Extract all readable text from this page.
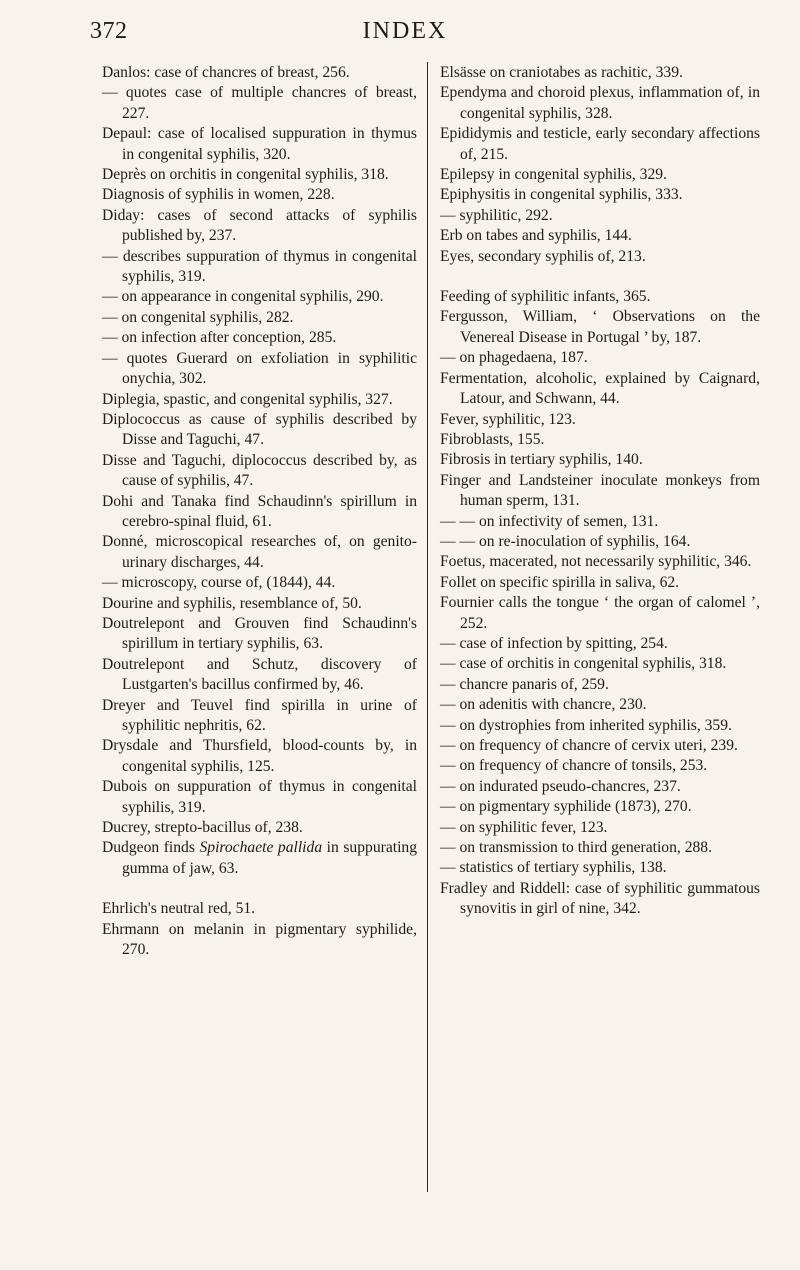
372	INDEX

Danlos: case of chancres of breast, 256.

— quotes case of multiple chancres of breast, 227.

Depaul: case of localised suppuration in thymus in congenital syphilis, 320.

Deprès on orchitis in congenital syphilis, 318.

Diagnosis of syphilis in women, 228.

Diday: cases of second attacks of syphilis published by, 237.

— describes suppuration of thymus in congenital syphilis, 319.

— on appearance in congenital syphilis, 290.

— on congenital syphilis, 282.

— on infection after conception, 285.

— quotes Guerard on exfoliation in syphilitic onychia, 302.

Diplegia, spastic, and congenital syphilis, 327.

Diplococcus as cause of syphilis described by Disse and Taguchi, 47.

Disse and Taguchi, diplococcus described by, as cause of syphilis, 47.

Dohi and Tanaka find Schaudinn's spirillum in cerebro-spinal fluid, 61.

Donné, microscopical researches of, on genito-urinary discharges, 44.

— microscopy, course of, (1844), 44.

Dourine and syphilis, resemblance of, 50.

Doutrelepont and Grouven find Schaudinn's spirillum in tertiary syphilis, 63.

Doutrelepont and Schutz, discovery of Lustgarten's bacillus confirmed by, 46.

Dreyer and Teuvel find spirilla in urine of syphilitic nephritis, 62.

Drysdale and Thursfield, blood-counts by, in congenital syphilis, 125.

Dubois on suppuration of thymus in congenital syphilis, 319.

Ducrey, strepto-bacillus of, 238.

Dudgeon finds Spirochaete pallida in suppurating gumma of jaw, 63.

Ehrlich's neutral red, 51.

Ehrmann on melanin in pigmentary syphilide, 270.

Elsässe on craniotabes as rachitic, 339.

Ependyma and choroid plexus, inflammation of, in congenital syphilis, 328.

Epididymis and testicle, early secondary affections of, 215.

Epilepsy in congenital syphilis, 329.

Epiphysitis in congenital syphilis, 333.

— syphilitic, 292.

Erb on tabes and syphilis, 144.

Eyes, secondary syphilis of, 213.

Feeding of syphilitic infants, 365.

Fergusson, William, ‘ Observations on the Venereal Disease in Portugal ’ by, 187.

— on phagedaena, 187.

Fermentation, alcoholic, explained by Caignard, Latour, and Schwann, 44.

Fever, syphilitic, 123.

Fibroblasts, 155.

Fibrosis in tertiary syphilis, 140.

Finger and Landsteiner inoculate monkeys from human sperm, 131.

— — on infectivity of semen, 131.

— — on re-inoculation of syphilis, 164.

Foetus, macerated, not necessarily syphilitic, 346.

Follet on specific spirilla in saliva, 62.

Fournier calls the tongue ‘ the organ of calomel ’, 252.

— case of infection by spitting, 254.

— case of orchitis in congenital syphilis, 318.

— chancre panaris of, 259.

— on adenitis with chancre, 230.

— on dystrophies from inherited syphilis, 359.

— on frequency of chancre of cervix uteri, 239.

— on frequency of chancre of tonsils, 253.

— on indurated pseudo-chancres, 237.

— on pigmentary syphilide (1873), 270.

— on syphilitic fever, 123.

— on transmission to third generation, 288.

— statistics of tertiary syphilis, 138.

Fradley and Riddell: case of syphilitic gummatous synovitis in girl of nine, 342.
